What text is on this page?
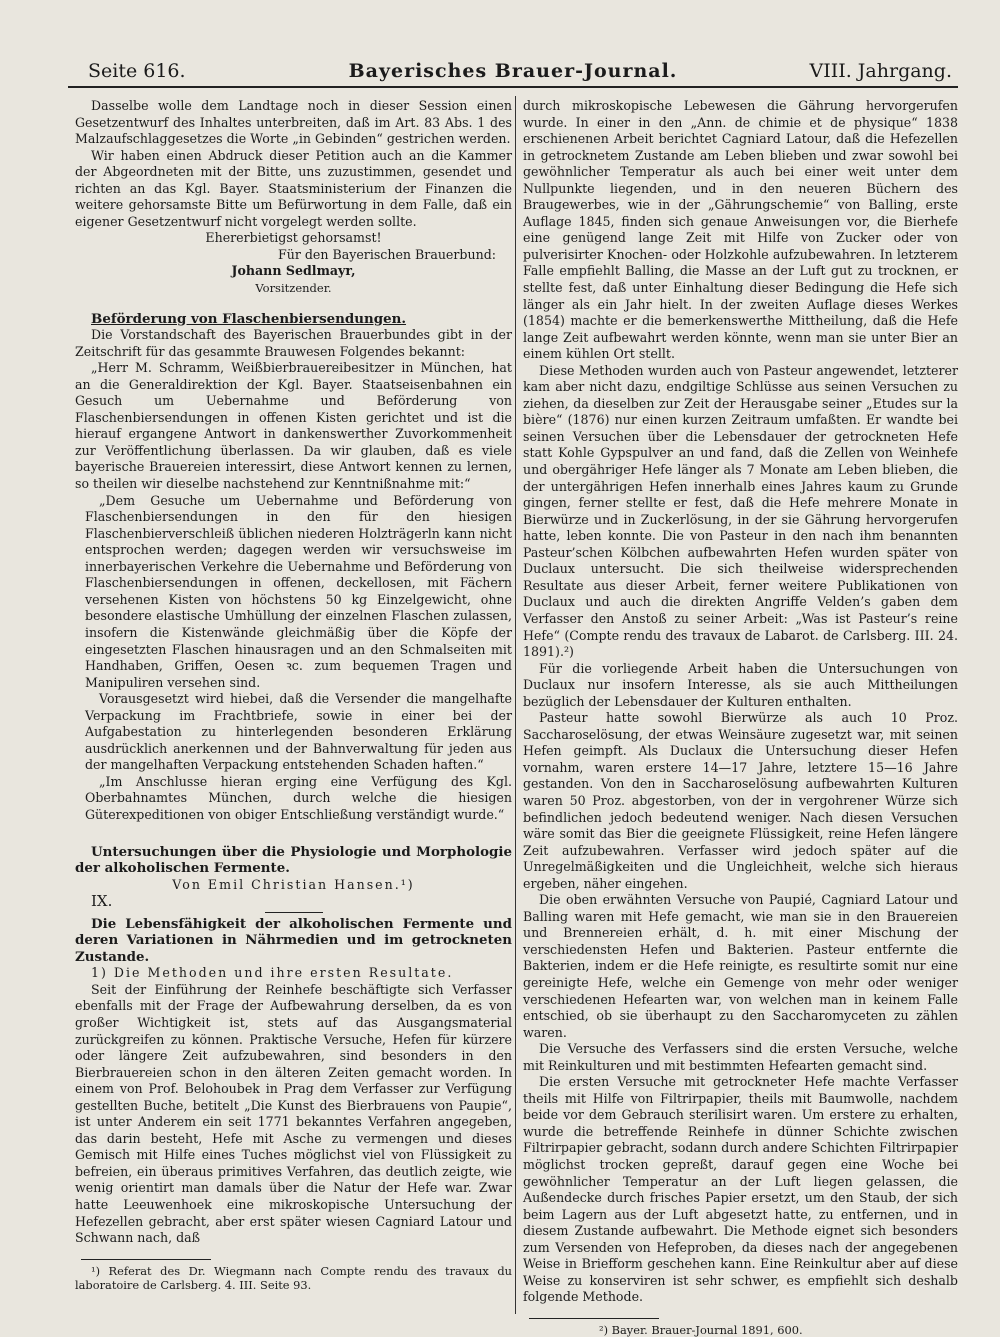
Seite 616.	Bayerisches Brauer-Journal.	VIII. Jahrgang.

Dasselbe wolle dem Landtage noch in dieser Session einen Gesetzentwurf des Inhaltes unterbreiten, daß im Art. 83 Abs. 1 des Malzaufschlaggesetzes die Worte „in Gebinden“ gestrichen werden.

Wir haben einen Abdruck dieser Petition auch an die Kammer der Abgeordneten mit der Bitte, uns zuzustimmen, gesendet und richten an das Kgl. Bayer. Staatsministerium der Finanzen die weitere gehorsamste Bitte um Befürwortung in dem Falle, daß ein eigener Gesetzentwurf nicht vorgelegt werden sollte.

Ehererbietigst gehorsamst!

Für den Bayerischen Brauerbund:

Johann Sedlmayr,

Vorsitzender.

Beförderung von Flaschenbiersendungen.

Die Vorstandschaft des Bayerischen Brauerbundes gibt in der Zeitschrift für das gesammte Brauwesen Folgendes bekannt:

„Herr M. Schramm, Weißbierbrauereibesitzer in München, hat an die Generaldirektion der Kgl. Bayer. Staatseisenbahnen ein Gesuch um Uebernahme und Beförderung von Flaschenbiersendungen in offenen Kisten gerichtet und ist die hierauf ergangene Antwort in dankenswerther Zuvorkommenheit zur Veröffentlichung überlassen. Da wir glauben, daß es viele bayerische Brauereien interessirt, diese Antwort kennen zu lernen, so theilen wir dieselbe nachstehend zur Kenntnißnahme mit:“

„Dem Gesuche um Uebernahme und Beförderung von Flaschenbiersendungen in den für den hiesigen Flaschenbierverschleiß üblichen niederen Holzträgerln kann nicht entsprochen werden; dagegen werden wir versuchsweise im innerbayerischen Verkehre die Uebernahme und Beförderung von Flaschenbiersendungen in offenen, deckellosen, mit Fächern versehenen Kisten von höchstens 50 kg Einzelgewicht, ohne besondere elastische Umhüllung der einzelnen Flaschen zulassen, insofern die Kistenwände gleichmäßig über die Köpfe der eingesetzten Flaschen hinausragen und an den Schmalseiten mit Handhaben, Griffen, Oesen ꝛc. zum bequemen Tragen und Manipuliren versehen sind.

Vorausgesetzt wird hiebei, daß die Versender die mangelhafte Verpackung im Frachtbriefe, sowie in einer bei der Aufgabestation zu hinterlegenden besonderen Erklärung ausdrücklich anerkennen und der Bahnverwaltung für jeden aus der mangelhaften Verpackung entstehenden Schaden haften.“

„Im Anschlusse hieran erging eine Verfügung des Kgl. Oberbahnamtes München, durch welche die hiesigen Güterexpeditionen von obiger Entschließung verständigt wurde.“

Untersuchungen über die Physiologie und Morphologie der alkoholischen Fermente.

Von Emil Christian Hansen.¹)

IX.

Die Lebensfähigkeit der alkoholischen Fermente und deren Variationen in Nährmedien und im getrockneten Zustande.

1) Die Methoden und ihre ersten Resultate.

Seit der Einführung der Reinhefe beschäftigte sich Verfasser ebenfalls mit der Frage der Aufbewahrung derselben, da es von großer Wichtigkeit ist, stets auf das Ausgangsmaterial zurückgreifen zu können. Praktische Versuche, Hefen für kürzere oder längere Zeit aufzubewahren, sind besonders in den Bierbrauereien schon in den älteren Zeiten gemacht worden. In einem von Prof. Belohoubek in Prag dem Verfasser zur Verfügung gestellten Buche, betitelt „Die Kunst des Bierbrauens von Paupie“, ist unter Anderem ein seit 1771 bekanntes Verfahren angegeben, das darin besteht, Hefe mit Asche zu vermengen und dieses Gemisch mit Hilfe eines Tuches möglichst viel von Flüssigkeit zu befreien, ein überaus primitives Verfahren, das deutlich zeigte, wie wenig orientirt man damals über die Natur der Hefe war. Zwar hatte Leeuwenhoek eine mikroskopische Untersuchung der Hefezellen gebracht, aber erst später wiesen Cagniard Latour und Schwann nach, daß

¹) Referat des Dr. Wiegmann nach Compte rendu des travaux du laboratoire de Carlsberg. 4. III. Seite 93.

durch mikroskopische Lebewesen die Gährung hervorgerufen wurde. In einer in den „Ann. de chimie et de physique“ 1838 erschienenen Arbeit berichtet Cagniard Latour, daß die Hefezellen in getrocknetem Zustande am Leben blieben und zwar sowohl bei gewöhnlicher Temperatur als auch bei einer weit unter dem Nullpunkte liegenden, und in den neueren Büchern des Braugewerbes, wie in der „Gährungschemie“ von Balling, erste Auflage 1845, finden sich genaue Anweisungen vor, die Bierhefe eine genügend lange Zeit mit Hilfe von Zucker oder von pulverisirter Knochen- oder Holzkohle aufzubewahren. In letzterem Falle empfiehlt Balling, die Masse an der Luft gut zu trocknen, er stellte fest, daß unter Einhaltung dieser Bedingung die Hefe sich länger als ein Jahr hielt. In der zweiten Auflage dieses Werkes (1854) machte er die bemerkenswerthe Mittheilung, daß die Hefe lange Zeit aufbewahrt werden könnte, wenn man sie unter Bier an einem kühlen Ort stellt.

Diese Methoden wurden auch von Pasteur angewendet, letzterer kam aber nicht dazu, endgiltige Schlüsse aus seinen Versuchen zu ziehen, da dieselben zur Zeit der Herausgabe seiner „Etudes sur la bière“ (1876) nur einen kurzen Zeitraum umfaßten. Er wandte bei seinen Versuchen über die Lebensdauer der getrockneten Hefe statt Kohle Gypspulver an und fand, daß die Zellen von Weinhefe und obergähriger Hefe länger als 7 Monate am Leben blieben, die der untergährigen Hefen innerhalb eines Jahres kaum zu Grunde gingen, ferner stellte er fest, daß die Hefe mehrere Monate in Bierwürze und in Zuckerlösung, in der sie Gährung hervorgerufen hatte, leben konnte. Die von Pasteur in den nach ihm benannten Pasteur’schen Kölbchen aufbewahrten Hefen wurden später von Duclaux untersucht. Die sich theilweise widersprechenden Resultate aus dieser Arbeit, ferner weitere Publikationen von Duclaux und auch die direkten Angriffe Velden’s gaben dem Verfasser den Anstoß zu seiner Arbeit: „Was ist Pasteur’s reine Hefe“ (Compte rendu des travaux de Labarot. de Carlsberg. III. 24. 1891).²)

Für die vorliegende Arbeit haben die Untersuchungen von Duclaux nur insofern Interesse, als sie auch Mittheilungen bezüglich der Lebensdauer der Kulturen enthalten.

Pasteur hatte sowohl Bierwürze als auch 10 Proz. Saccharoselösung, der etwas Weinsäure zugesetzt war, mit seinen Hefen geimpft. Als Duclaux die Untersuchung dieser Hefen vornahm, waren erstere 14—17 Jahre, letztere 15—16 Jahre gestanden. Von den in Saccharoselösung aufbewahrten Kulturen waren 50 Proz. abgestorben, von der in vergohrener Würze sich befindlichen jedoch bedeutend weniger. Nach diesen Versuchen wäre somit das Bier die geeignete Flüssigkeit, reine Hefen längere Zeit aufzubewahren. Verfasser wird jedoch später auf die Unregelmäßigkeiten und die Ungleichheit, welche sich hieraus ergeben, näher eingehen.

Die oben erwähnten Versuche von Paupié, Cagniard Latour und Balling waren mit Hefe gemacht, wie man sie in den Brauereien und Brennereien erhält, d. h. mit einer Mischung der verschiedensten Hefen und Bakterien. Pasteur entfernte die Bakterien, indem er die Hefe reinigte, es resultirte somit nur eine gereinigte Hefe, welche ein Gemenge von mehr oder weniger verschiedenen Hefearten war, von welchen man in keinem Falle entschied, ob sie überhaupt zu den Saccharomyceten zu zählen waren.

Die Versuche des Verfassers sind die ersten Versuche, welche mit Reinkulturen und mit bestimmten Hefearten gemacht sind.

Die ersten Versuche mit getrockneter Hefe machte Verfasser theils mit Hilfe von Filtrirpapier, theils mit Baumwolle, nachdem beide vor dem Gebrauch sterilisirt waren. Um erstere zu erhalten, wurde die betreffende Reinhefe in dünner Schichte zwischen Filtrirpapier gebracht, sodann durch andere Schichten Filtrirpapier möglichst trocken gepreßt, darauf gegen eine Woche bei gewöhnlicher Temperatur an der Luft liegen gelassen, die Außendecke durch frisches Papier ersetzt, um den Staub, der sich beim Lagern aus der Luft abgesetzt hatte, zu entfernen, und in diesem Zustande aufbewahrt. Die Methode eignet sich besonders zum Versenden von Hefeproben, da dieses nach der angegebenen Weise in Briefform geschehen kann. Eine Reinkultur aber auf diese Weise zu konserviren ist sehr schwer, es empfiehlt sich deshalb folgende Methode.

²) Bayer. Brauer-Journal 1891, 600.
